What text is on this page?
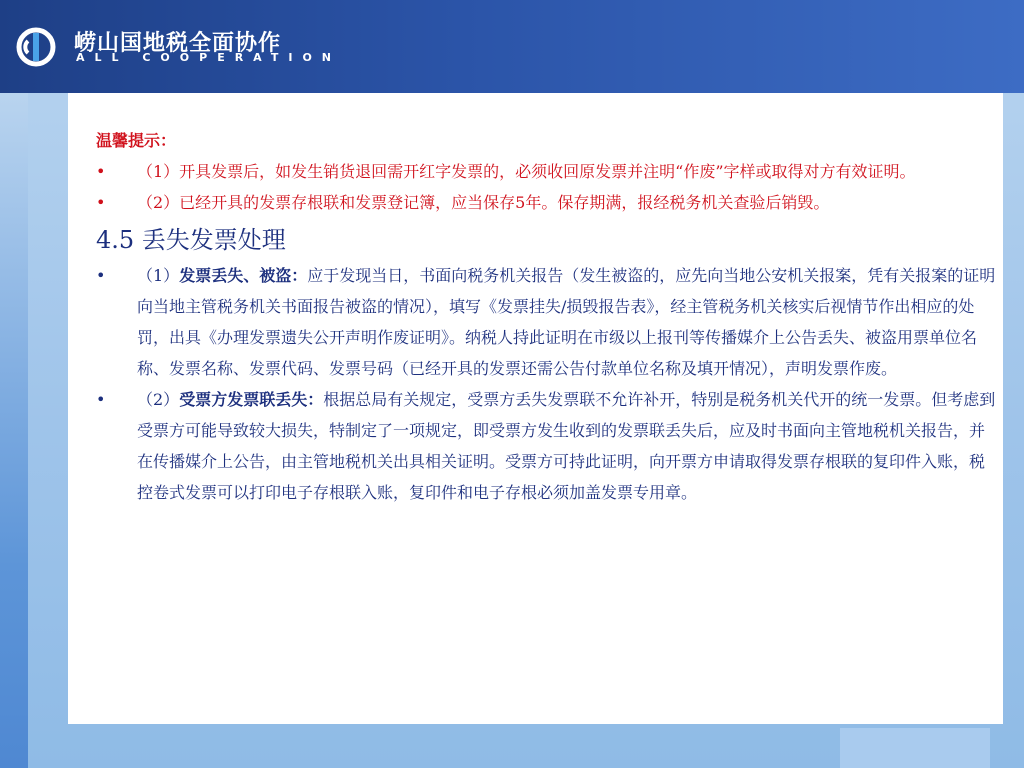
崂山国地税全面协作
ALL COOPERATION
温馨提示：
• （1）开具发票后，如发生销货退回需开红字发票的，必须收回原发票并注明“作废”字样或取得对方有效证明。
• （2）已经开具的发票存根联和发票登记簿，应当保存5年。保存期满，报经税务机关查验后销毁。
4.5 丢失发票处理
• （1）发票丢失、被盗：应于发现当日，书面向税务机关报告（发生被盗的，应先向当地公安机关报案，凭有关报案的证明向当地主管税务机关书面报告被盗的情况），填写《发票挂失/损毁报告表》，经主管税务机关核实后视情节作出相应的处罚，出具《办理发票遗失公开声明作废证明》。纳税人持此证明在市级以上报刊等传播媒介上公告丢失、被盗用票单位名称、发票名称、发票代码、发票号码（已经开具的发票还需公告付款单位名称及填开情况），声明发票作废。
• （2）受票方发票联丢失：根据总局有关规定，受票方丢失发票联不允许补开，特别是税务机关代开的统一发票。但考虑到受票方可能导致较大损失，特制定了一项规定，即受票方发生收到的发票联丢失后，应及时书面向主管地税机关报告，并在传播媒介上公告，由主管地税机关出具相关证明。受票方可持此证明，向开票方申请取得发票存根联的复印件入账，税控卷式发票可以打印电子存根联入账，复印件和电子存根必须加盖发票专用章。
